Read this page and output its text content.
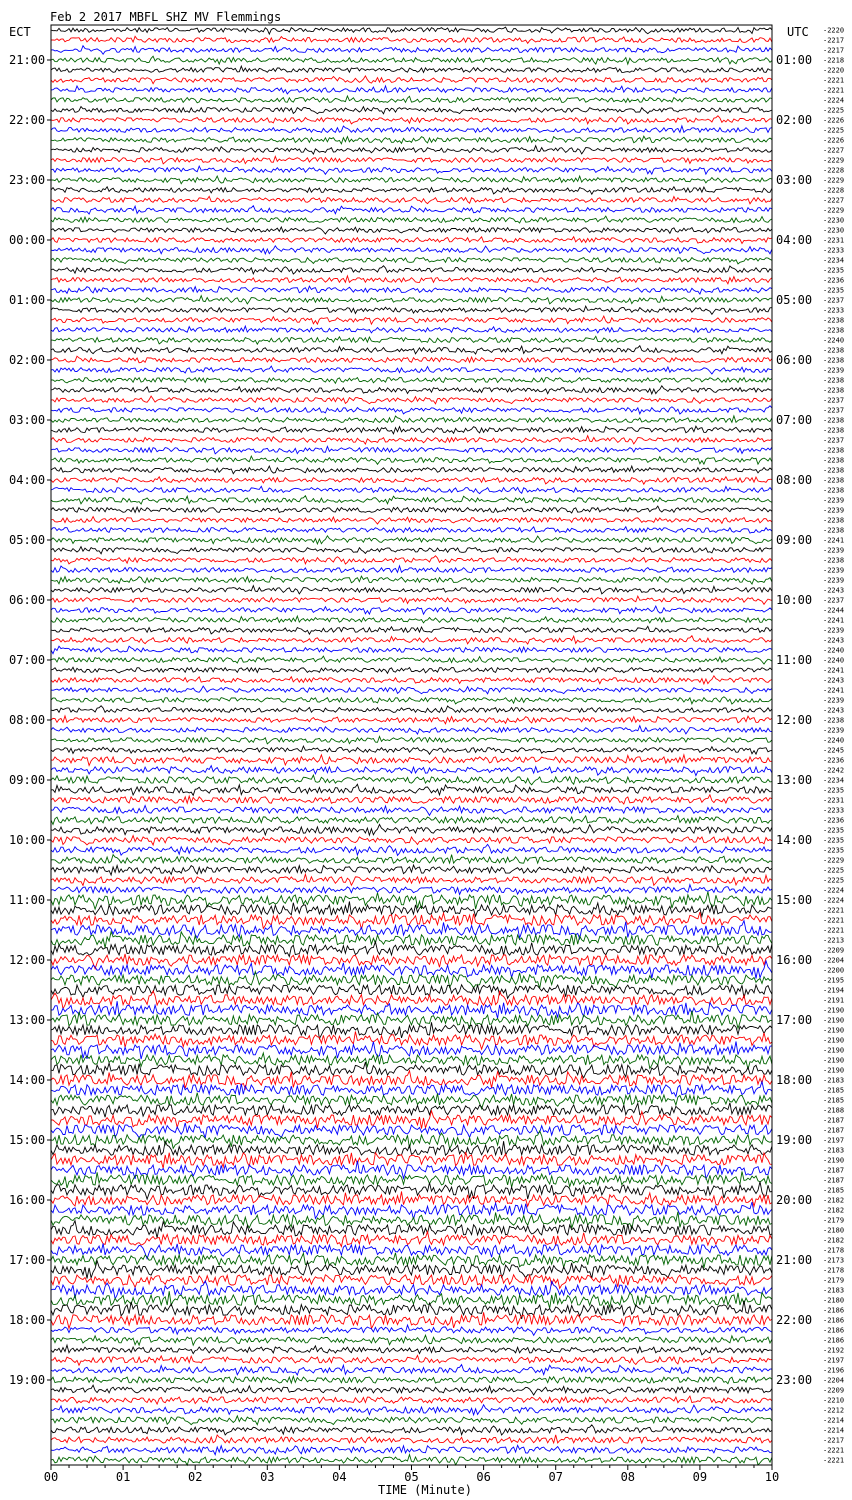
Feb 2 2017 MBFL SHZ MV Flemmings
ECT	UTC
21:00
22:00
23:00
00:00
01:00
02:00
03:00
04:00
05:00
06:00
07:00
08:00
09:00
10:00
11:00
12:00
13:00
14:00
15:00
16:00
17:00
18:00
19:00
01:00
02:00
03:00
04:00
05:00
06:00
07:00
08:00
09:00
10:00
11:00
12:00
13:00
14:00
15:00
16:00
17:00
18:00
19:00
20:00
21:00
22:00
23:00
-2220
-2217
-2217
-2218
-2220
-2221
-2221
-2224
-2225
-2226
-2225
-2226
-2227
-2229
-2228
-2229
-2228
-2227
-2229
-2230
-2230
-2231
-2233
-2234
-2235
-2236
-2235
-2237
-2233
-2238
-2238
-2240
-2238
-2238
-2239
-2238
-2238
-2237
-2237
-2238
-2238
-2237
-2238
-2238
-2238
-2238
-2238
-2239
-2239
-2238
-2238
-2241
-2239
-2238
-2239
-2239
-2243
-2237
-2244
-2241
-2239
-2243
-2240
-2240
-2241
-2243
-2241
-2239
-2243
-2238
-2239
-2240
-2245
-2236
-2242
-2234
-2235
-2231
-2233
-2236
-2235
-2235
-2235
-2229
-2225
-2225
-2224
-2224
-2221
-2221
-2221
-2213
-2209
-2204
-2200
-2195
-2194
-2191
-2190
-2190
-2190
-2190
-2190
-2190
-2190
-2183
-2185
-2185
-2188
-2187
-2187
-2197
-2183
-2190
-2187
-2187
-2185
-2182
-2182
-2179
-2180
-2182
-2178
-2173
-2178
-2179
-2183
-2180
-2186
-2186
-2186
-2186
-2192
-2197
-2196
-2204
-2209
-2210
-2212
-2214
-2214
-2217
-2221
-2221
00	01	02	03	04	05	06	07	08	09	10
TIME (Minute)
